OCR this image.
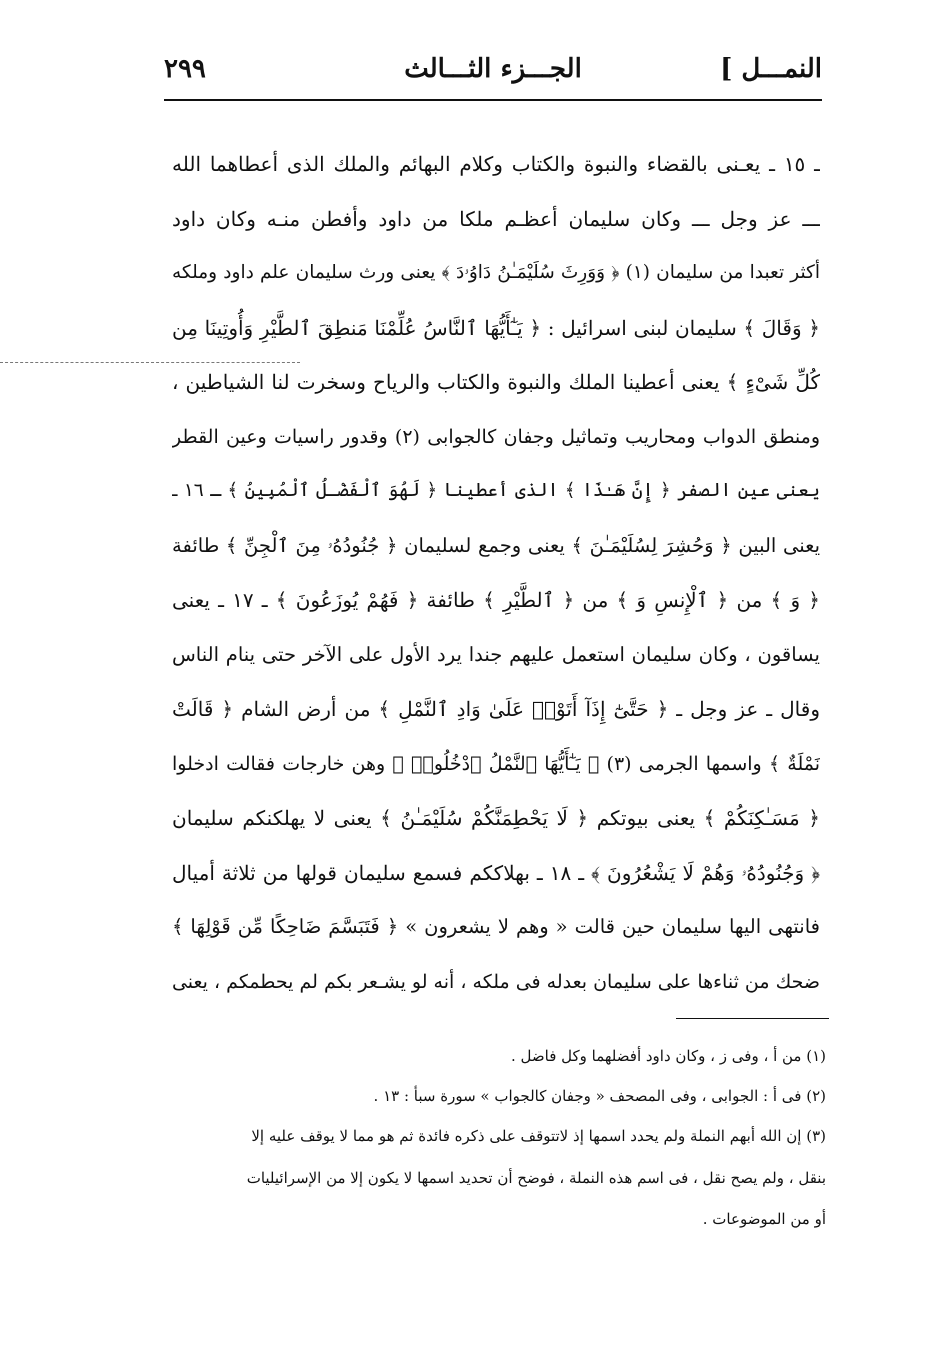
النمـــل ]
الجـــزء الثـــالث
٢٩٩
ـ ١٥ ـ يعـنى بالقضاء والنبوة والكتاب وكلام البهائم والملك الذى أعطاهما الله
ـــ عز وجل ـــ وكان سليمان أعظـم ملكا من داود وأفطن منـه وكان داود
أكثر تعبدا من سليمان (١) ﴿ وَوَرِثَ سُلَيْمَـٰنُ دَاوُۥدَ ﴾ يعنى ورث سليمان علم داود وملكه
﴿ وَقَالَ ﴾ سليمان لبنى اسرائيل : ﴿ يَـٰٓأَيُّهَا ٱلنَّاسُ عُلِّمْنَا مَنطِقَ ٱلطَّيْرِ وَأُوتِينَا مِن
كُلِّ شَىْءٍ ﴾ يعنى أعطينا الملك والنبوة والكتاب والرياح وسخرت لنا الشياطين ،
ومنطق الدواب ومحاريب وتماثيل وجفان كالجوابى (٢) وقدور راسيات وعين القطر
يعنى عين الصفر ﴿ إِنَّ هَـٰذَا ﴾ الذى أعطينا ﴿ لَهُوَ ٱلْفَضْـلُ ٱلْمُبِينُ ﴾ ـ ١٦ ـ
يعنى البين ﴿ وَحُشِرَ لِسُلَيْمَـٰنَ ﴾ يعنى وجمع لسليمان ﴿ جُنُودُهُۥ مِنَ ٱلْجِنِّ ﴾ طائفة
﴿ وَ ﴾ من ﴿ ٱلْإِنسِ وَ ﴾ من ﴿ ٱلطَّيْرِ ﴾ طائفة ﴿ فَهُمْ يُوزَعُونَ ﴾ ـ ١٧ ـ يعنى
يساقون ، وكان سليمان استعمل عليهم جندا يرد الأول على الآخر حتى ينام الناس
وقال ـ عز وجل ـ ﴿ حَتَّىٰٓ إِذَآ أَتَوْا۟ عَلَىٰ وَادِ ٱلنَّمْلِ ﴾ من أرض الشام ﴿ قَالَتْ
نَمْلَةٌ ﴾ واسمها الجرمى (٣) ﴿ يَـٰٓأَيُّهَا ٱلنَّمْلُ ٱدْخُلُوا۟ ﴾ وهن خارجات فقالت ادخلوا
﴿ مَسَـٰكِنَكُمْ ﴾ يعنى بيوتكم ﴿ لَا يَحْطِمَنَّكُمْ سُلَيْمَـٰنُ ﴾ يعنى لا يهلكنكم سليمان
﴿ وَجُنُودُهُۥ وَهُمْ لَا يَشْعُرُونَ ﴾ ـ ١٨ ـ بهلاككم فسمع سليمان قولها من ثلاثة أميال
فانتهى اليها سليمان حين قالت « وهم لا يشعرون » ﴿ فَتَبَسَّمَ ضَاحِكًا مِّن قَوْلِهَا ﴾
ضحك من ثناءها على سليمان بعدله فى ملكه ، أنه لو يشـعر بكم لم يحطمكم ، يعنى
(١) من أ ، وفى ز ، وكان داود أفضلهما وكل فاضل .
(٢) فى أ : الجوابى ، وفى المصحف « وجفان كالجواب » سورة سبأ : ١٣ .
(٣) إن الله أبهم النملة ولم يحدد اسمها إذ لاتتوقف على ذكره فائدة ثم هو مما لا يوقف عليه إلا
بنقل ، ولم يصح نقل ، فى اسم هذه النملة ، فوضح أن تحديد اسمها لا يكون إلا من الإسرائيليات
أو من الموضوعات .
